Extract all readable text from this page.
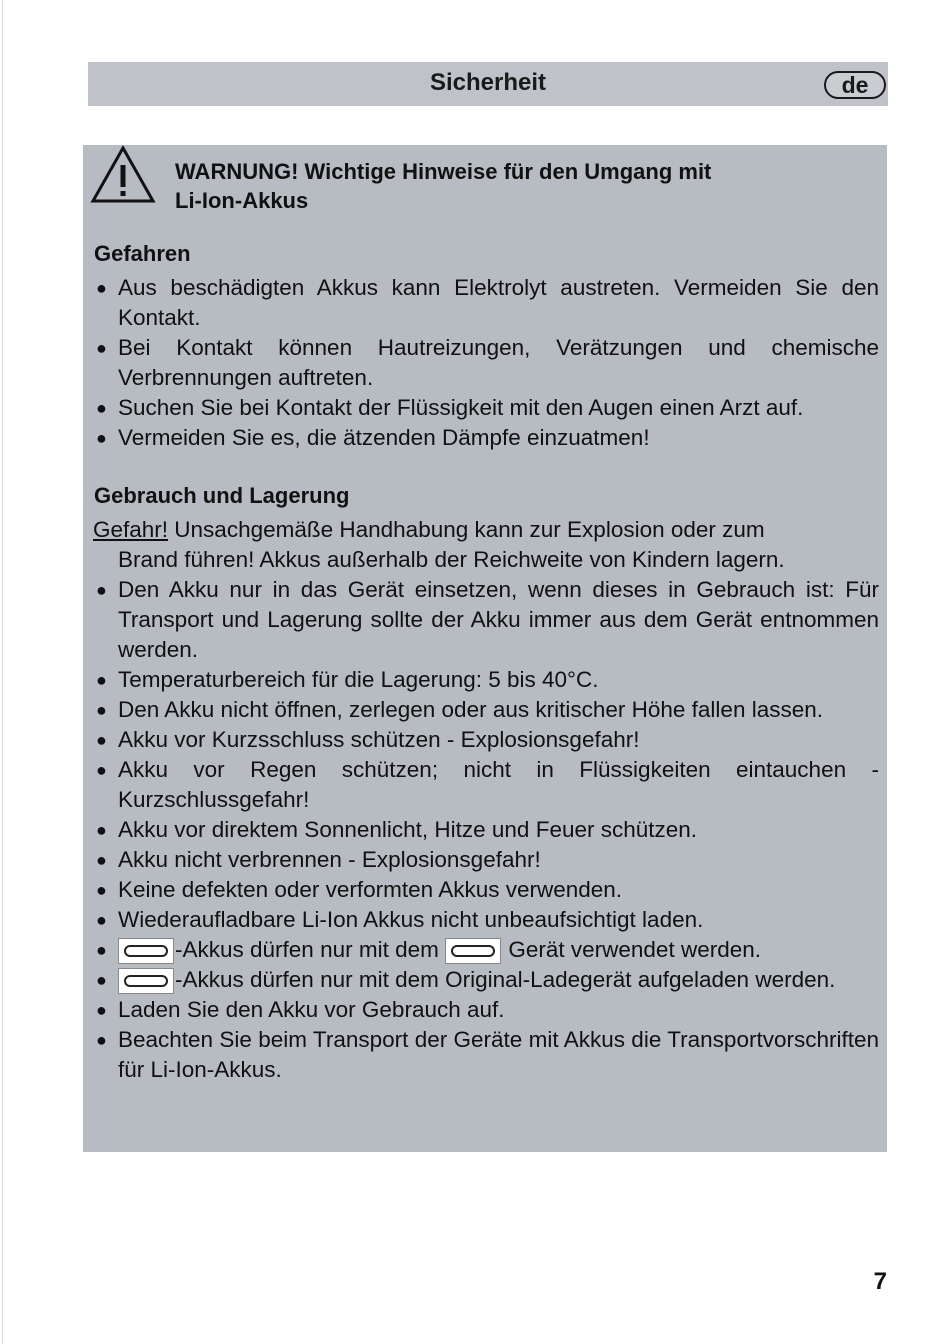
Sicherheit	de
WARNUNG! Wichtige Hinweise für den Umgang mit
Li-Ion-Akkus
Gefahren
● Aus beschädigten Akkus kann Elektrolyt austreten. Vermeiden Sie den Kontakt.
● Bei Kontakt können Hautreizungen, Verätzungen und chemische Verbrennungen auftreten.
● Suchen Sie bei Kontakt der Flüssigkeit mit den Augen einen Arzt auf.
● Vermeiden Sie es, die ätzenden Dämpfe einzuatmen!
Gebrauch und Lagerung
Gefahr! Unsachgemäße Handhabung kann zur Explosion oder zum
Brand führen! Akkus außerhalb der Reichweite von Kindern lagern.
● Den Akku nur in das Gerät einsetzen, wenn dieses in Gebrauch ist: Für Transport und Lagerung sollte der Akku immer aus dem Gerät entnommen werden.
● Temperaturbereich für die Lagerung: 5 bis 40°C.
● Den Akku nicht öffnen, zerlegen oder aus kritischer Höhe fallen lassen.
● Akku vor Kurzsschluss schützen - Explosionsgefahr!
● Akku vor Regen schützen; nicht in Flüssigkeiten eintauchen - Kurzschlussgefahr!
● Akku vor direktem Sonnenlicht, Hitze und Feuer schützen.
● Akku nicht verbrennen - Explosionsgefahr!
● Keine defekten oder verformten Akkus verwenden.
● Wiederaufladbare Li-Ion Akkus nicht unbeaufsichtigt laden.
●	-Akkus dürfen nur mit dem	Gerät verwendet werden.
●	-Akkus dürfen nur mit dem Original-Ladegerät aufgeladen werden.
● Laden Sie den Akku vor Gebrauch auf.
● Beachten Sie beim Transport der Geräte mit Akkus die Transportvorschriften für Li-Ion-Akkus.
7
